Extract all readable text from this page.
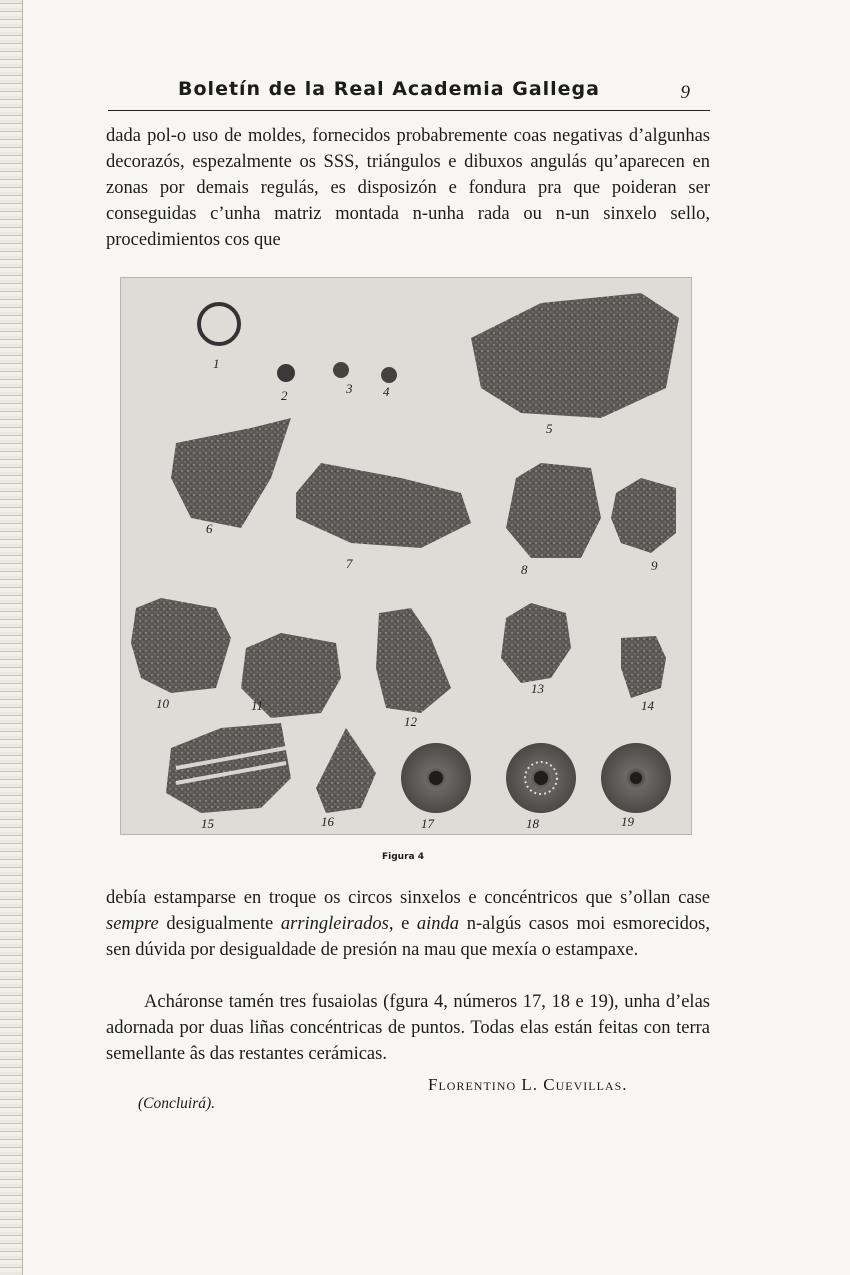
Boletín de la Real Academia Gallega	9

dada pol-o uso de moldes, fornecidos probabremente coas negativas d’algunhas decorazós, espezalmente os SSS, triángulos e dibuxos angulás qu’aparecen en zonas por demais regulás, es disposizón e fondura pra que poideran ser conseguidas c’unha matriz montada n-unha rada ou n-un sinxelo sello, procedimientos cos que

1
2	3 4
5
6
7	8	9
10	11
12
13
14
15	16	17	18	19
Figura 4

debía estamparse en troque os circos sinxelos e concéntricos que s’ollan case sempre desigualmente arringleirados, e ainda n-algús casos moi esmorecidos, sen dúvida por desigualdade de presión na mau que mexía o estampaxe.

Acháronse tamén tres fusaiolas (fgura 4, números 17, 18 e 19), unha d’elas adornada por duas liñas concéntricas de puntos. Todas elas están feitas con terra semellante âs das restantes cerámicas.

Florentino L. Cuevillas.
(Concluirá).
